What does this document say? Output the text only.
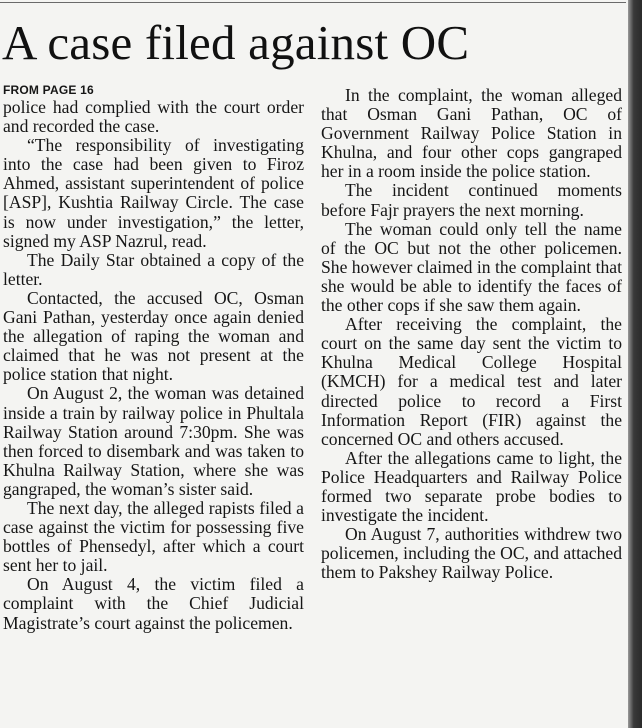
A case filed against OC

FROM PAGE 16

police had complied with the court order and recorded the case.

“The responsibility of investigating into the case had been given to Firoz Ahmed, assistant superintendent of police [ASP], Kushtia Railway Circle. The case is now under investigation,” the letter, signed my ASP Nazrul, read.

The Daily Star obtained a copy of the letter.

Contacted, the accused OC, Osman Gani Pathan, yesterday once again denied the allegation of raping the woman and claimed that he was not present at the police station that night.

On August 2, the woman was detained inside a train by railway police in Phultala Railway Station around 7:30pm. She was then forced to disembark and was taken to Khulna Railway Station, where she was gangraped, the woman’s sister said.

The next day, the alleged rapists filed a case against the victim for possessing five bottles of Phensedyl, after which a court sent her to jail.

On August 4, the victim filed a complaint with the Chief Judicial Magistrate’s court against the policemen.

In the complaint, the woman alleged that Osman Gani Pathan, OC of Government Railway Police Station in Khulna, and four other cops gangraped her in a room inside the police station.

The incident continued moments before Fajr prayers the next morning.

The woman could only tell the name of the OC but not the other policemen. She however claimed in the complaint that she would be able to identify the faces of the other cops if she saw them again.

After receiving the complaint, the court on the same day sent the victim to Khulna Medical College Hospital (KMCH) for a medical test and later directed police to record a First Information Report (FIR) against the concerned OC and others accused.

After the allegations came to light, the Police Headquarters and Railway Police formed two separate probe bodies to investigate the incident.

On August 7, authorities withdrew two policemen, including the OC, and attached them to Pakshey Railway Police.
